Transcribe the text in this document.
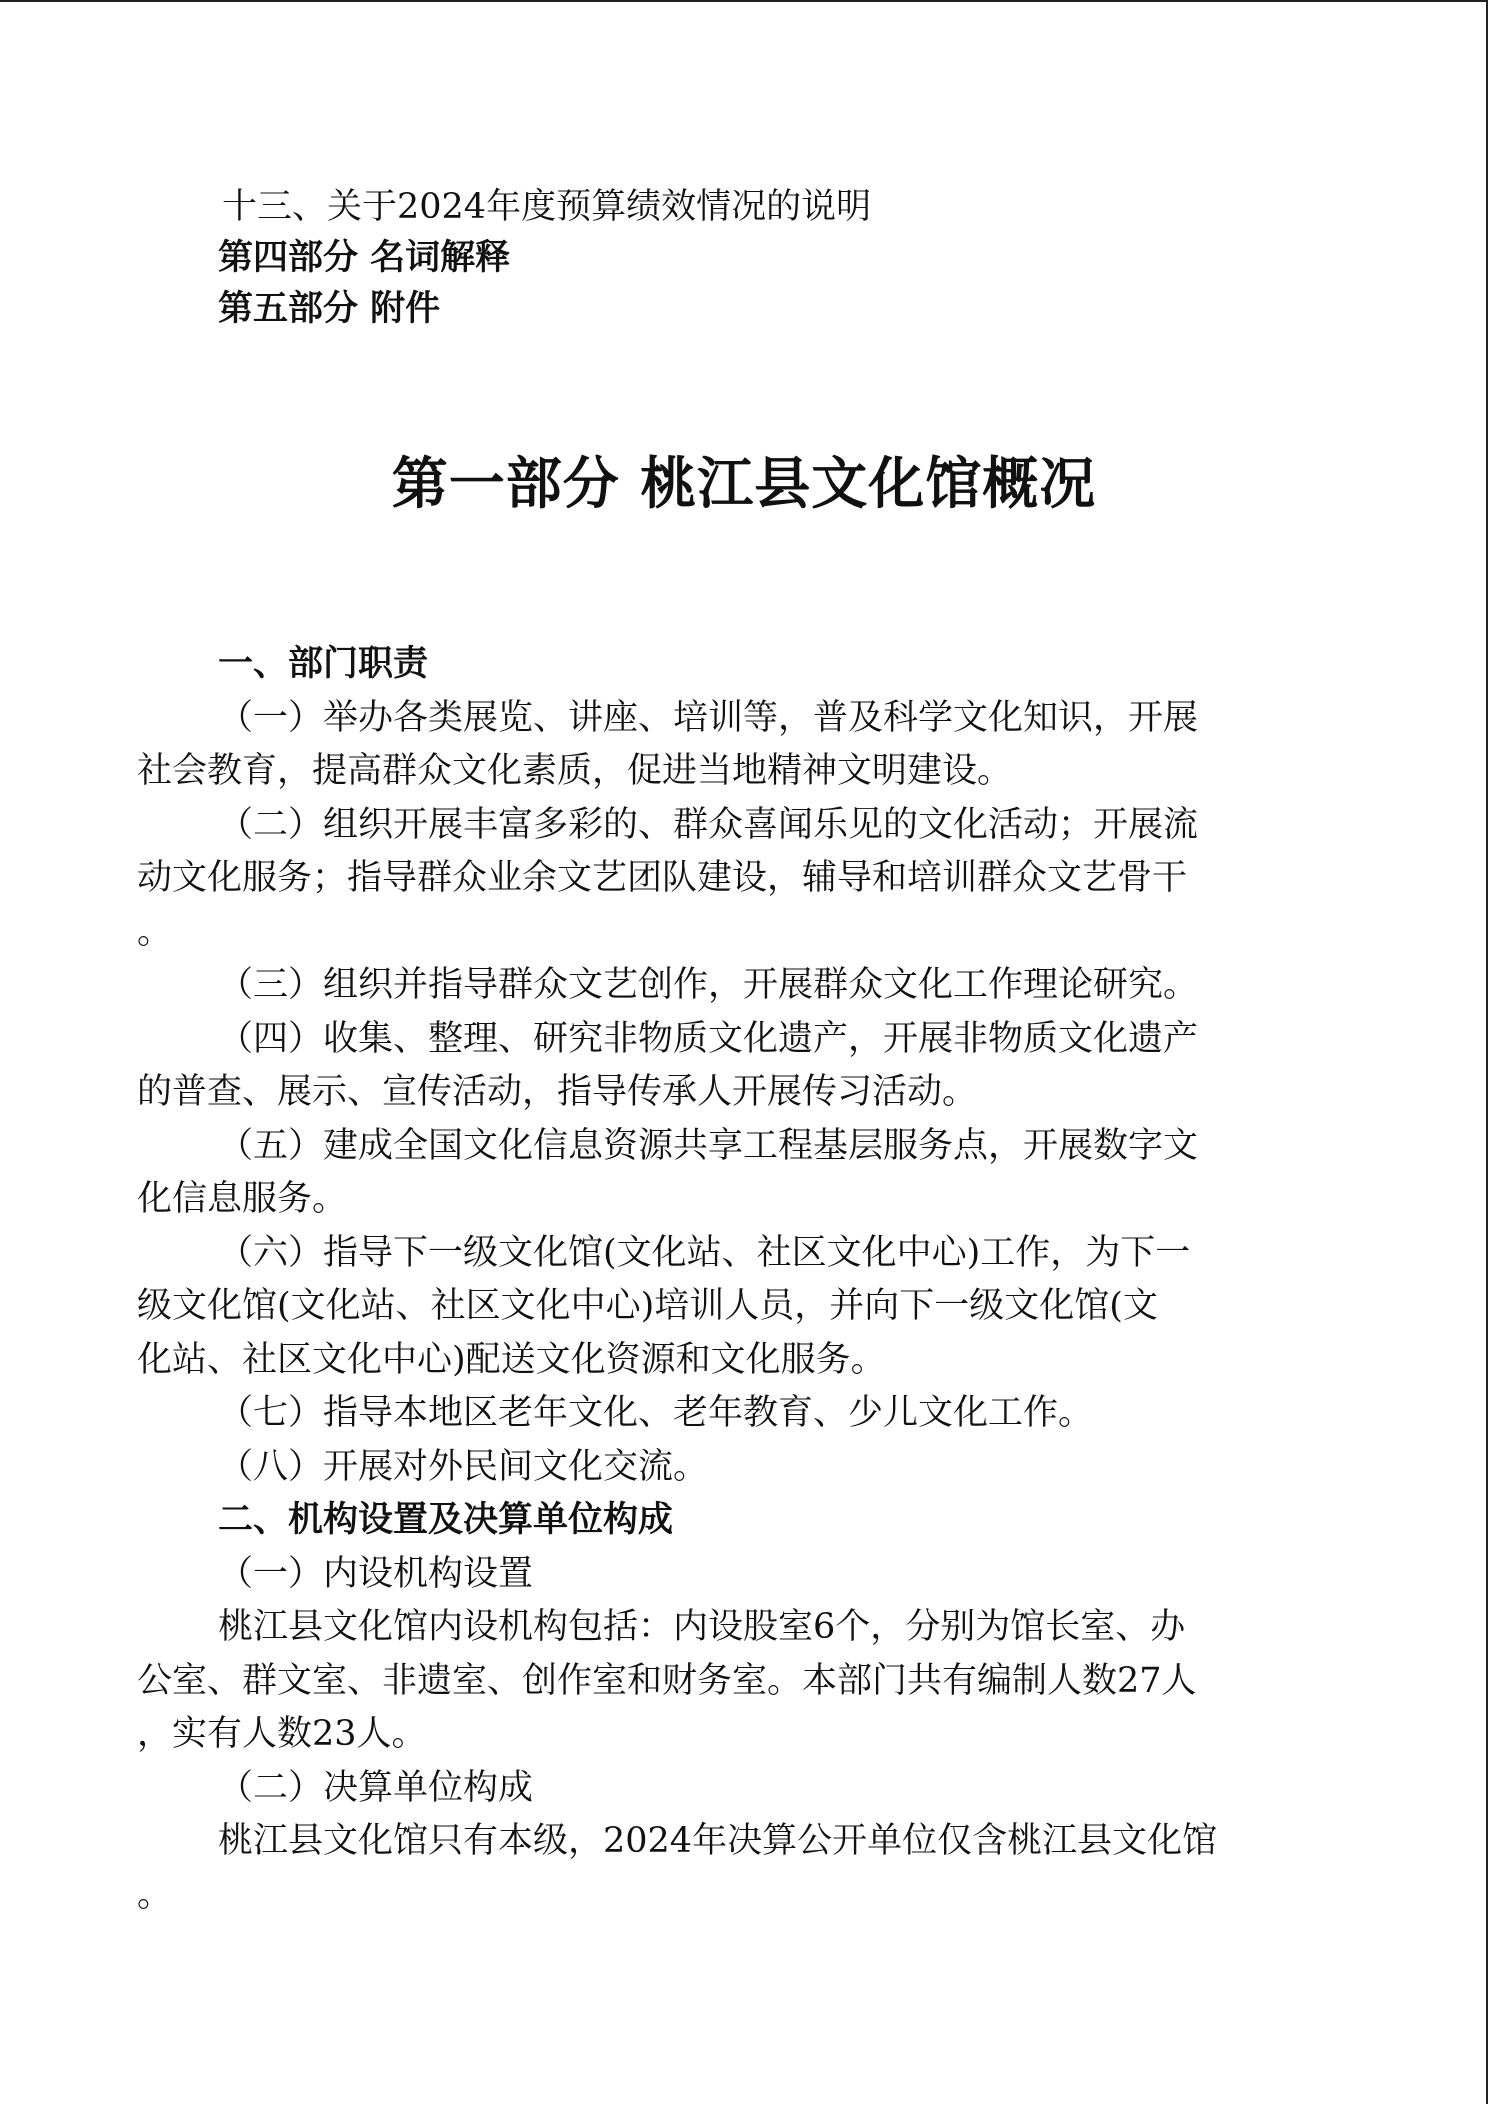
十三、关于2024年度预算绩效情况的说明
第四部分 名词解释
第五部分 附件
第一部分 桃江县文化馆概况
一、部门职责
（一）举办各类展览、讲座、培训等，普及科学文化知识，开展
社会教育，提高群众文化素质，促进当地精神文明建设。
（二）组织开展丰富多彩的、群众喜闻乐见的文化活动；开展流
动文化服务；指导群众业余文艺团队建设，辅导和培训群众文艺骨干
。
（三）组织并指导群众文艺创作，开展群众文化工作理论研究。
（四）收集、整理、研究非物质文化遗产，开展非物质文化遗产
的普查、展示、宣传活动，指导传承人开展传习活动。
（五）建成全国文化信息资源共享工程基层服务点，开展数字文
化信息服务。
（六）指导下一级文化馆(文化站、社区文化中心)工作，为下一
级文化馆(文化站、社区文化中心)培训人员，并向下一级文化馆(文
化站、社区文化中心)配送文化资源和文化服务。
（七）指导本地区老年文化、老年教育、少儿文化工作。
（八）开展对外民间文化交流。
二、机构设置及决算单位构成
（一）内设机构设置
桃江县文化馆内设机构包括：内设股室6个，分别为馆长室、办
公室、群文室、非遗室、创作室和财务室。本部门共有编制人数27人
，实有人数23人。
（二）决算单位构成
桃江县文化馆只有本级，2024年决算公开单位仅含桃江县文化馆
。
